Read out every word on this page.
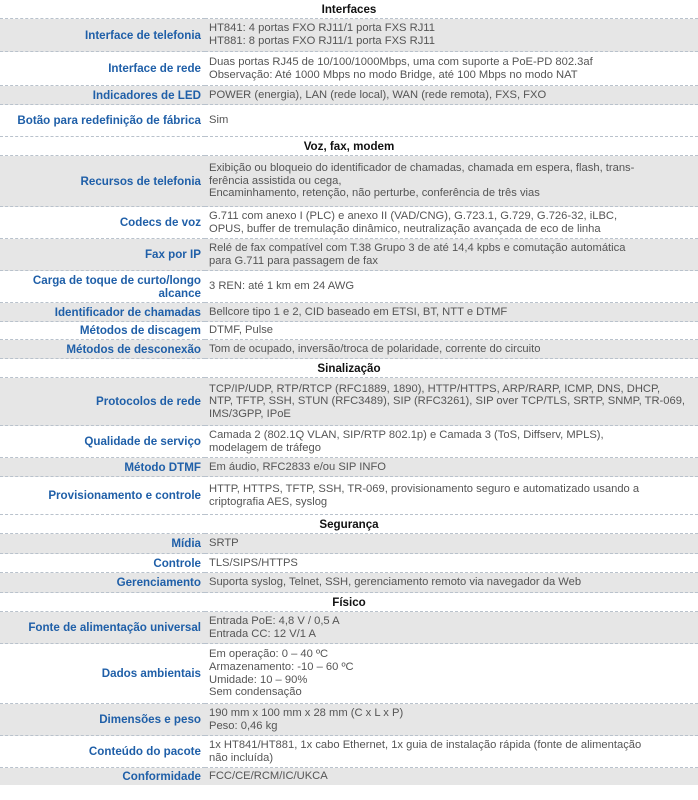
Interfaces	
Interface de telefonia	HT841: 4 portas FXO RJ11/1 porta FXS RJ11
HT881: 8 portas FXO RJ11/1 porta FXS RJ11

Interface de rede	Duas portas RJ45 de 10/100/1000Mbps, uma com suporte a PoE-PD 802.3af
Observação: Até 1000 Mbps no modo Bridge, até 100 Mbps no modo NAT

Indicadores de LED	POWER (energia), LAN (rede local), WAN (rede remota), FXS, FXO

Botão para redefinição de fábrica	Sim

Voz, fax, modem	
Recursos de telefonia	Exibição ou bloqueio do identificador de chamadas, chamada em espera, flash, trans-
ferência assistida ou cega,
Encaminhamento, retenção, não perturbe, conferência de três vias

Codecs de voz	G.711 com anexo I (PLC) e anexo II (VAD/CNG), G.723.1, G.729, G.726-32, iLBC,
OPUS, buffer de tremulação dinâmico, neutralização avançada de eco de linha

Fax por IP	Relé de fax compatível com T.38 Grupo 3 de até 14,4 kpbs e comutação automática
para G.711 para passagem de fax

Carga de toque de curto/longo alcance	3 REN: até 1 km em 24 AWG

Identificador de chamadas	Bellcore tipo 1 e 2, CID baseado em ETSI, BT, NTT e DTMF

Métodos de discagem	DTMF, Pulse

Métodos de desconexão	Tom de ocupado, inversão/troca de polaridade, corrente do circuito

Sinalização	
Protocolos de rede	TCP/IP/UDP, RTP/RTCP (RFC1889, 1890), HTTP/HTTPS, ARP/RARP, ICMP, DNS, DHCP,
NTP, TFTP, SSH, STUN (RFC3489), SIP (RFC3261), SIP over TCP/TLS, SRTP, SNMP, TR-069,
IMS/3GPP, IPoE

Qualidade de serviço	Camada 2 (802.1Q VLAN, SIP/RTP 802.1p) e Camada 3 (ToS, Diffserv, MPLS),
modelagem de tráfego

Método DTMF	Em áudio, RFC2833 e/ou SIP INFO

Provisionamento e controle	HTTP, HTTPS, TFTP, SSH, TR-069, provisionamento seguro e automatizado usando a
criptografia AES, syslog

Segurança	
Mídia	SRTP

Controle	TLS/SIPS/HTTPS

Gerenciamento	Suporta syslog, Telnet, SSH, gerenciamento remoto via navegador da Web

Físico	
Fonte de alimentação universal	Entrada PoE: 4,8 V / 0,5 A
Entrada CC: 12 V/1 A

Dados ambientais	Em operação: 0 – 40 ºC
Armazenamento: -10 – 60 ºC
Umidade: 10 – 90%
Sem condensação

Dimensões e peso	190 mm x 100 mm x 28 mm (C x L x P)
Peso: 0,46 kg

Conteúdo do pacote	1x HT841/HT881, 1x cabo Ethernet, 1x guia de instalação rápida (fonte de alimentação
não incluída)

Conformidade	FCC/CE/RCM/IC/UKCA
